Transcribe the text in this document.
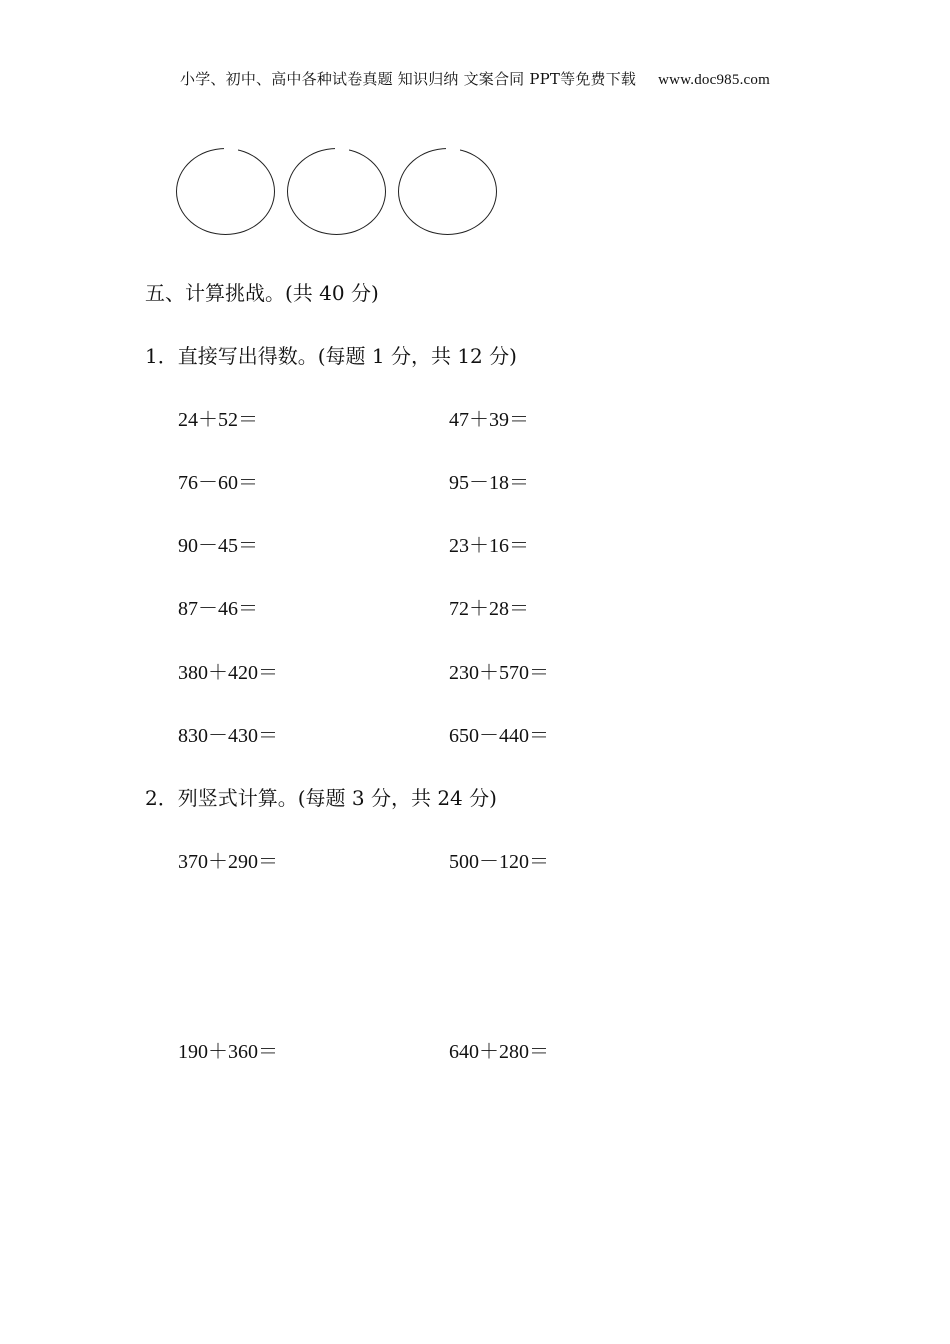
小学、初中、高中各种试卷真题 知识归纳 文案合同 PPT等免费下载 www.doc985.com
五、计算挑战。(共 40 分)
1．直接写出得数。(每题 1 分，共 12 分)
24＋52＝	47＋39＝
76－60＝	95－18＝
90－45＝	23＋16＝
87－46＝	72＋28＝
380＋420＝	230＋570＝
830－430＝	650－440＝
2．列竖式计算。(每题 3 分，共 24 分)
370＋290＝	500－120＝
190＋360＝	640＋280＝
